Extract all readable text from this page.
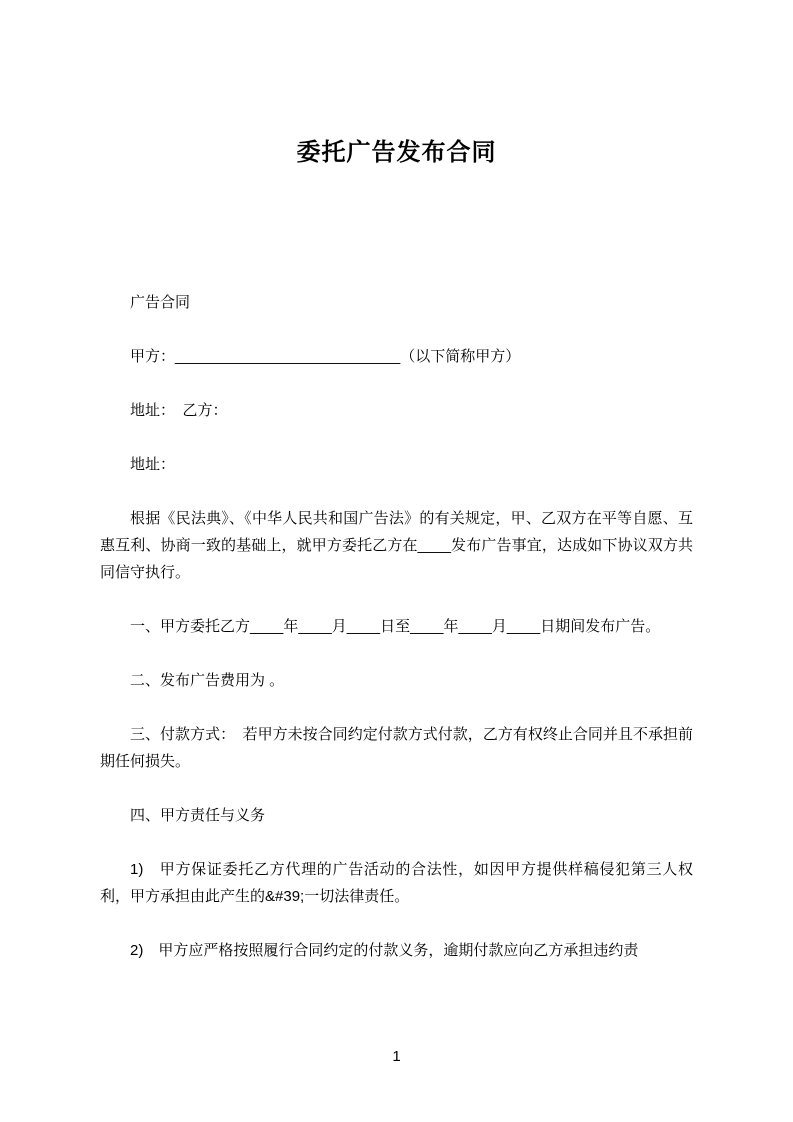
委托广告发布合同

广告合同

甲方：___________________________（以下简称甲方）

地址：　乙方：

地址：

根据《民法典》、《中华人民共和国广告法》的有关规定，甲、乙双方在平等自愿、互惠互利、协商一致的基础上，就甲方委托乙方在____发布广告事宜，达成如下协议双方共同信守执行。

一、甲方委托乙方____年____月____日至____年____月____日期间发布广告。

二、发布广告费用为 。

三、付款方式：　若甲方未按合同约定付款方式付款，乙方有权终止合同并且不承担前期任何损失。

四、甲方责任与义务

1)　甲方保证委托乙方代理的广告活动的合法性，如因甲方提供样稿侵犯第三人权利，甲方承担由此产生的&#39;一切法律责任。

2)　甲方应严格按照履行合同约定的付款义务，逾期付款应向乙方承担违约责

1
